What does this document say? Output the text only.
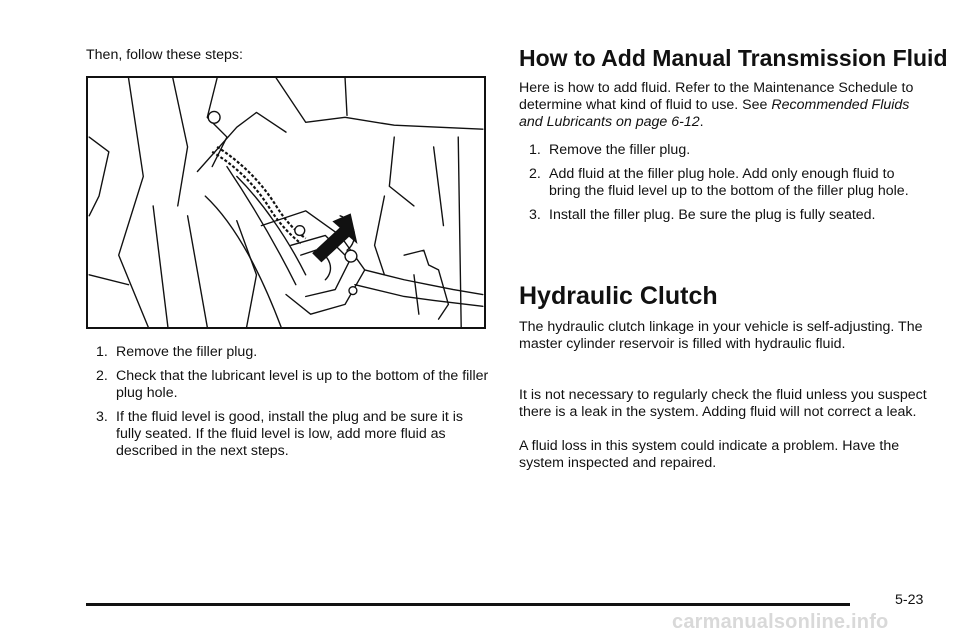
Then, follow these steps:

1. Remove the filler plug.
2. Check that the lubricant level is up to the bottom of the filler plug hole.
3. If the fluid level is good, install the plug and be sure it is fully seated. If the fluid level is low, add more fluid as described in the next steps.
How to Add Manual Transmission Fluid

Here is how to add fluid. Refer to the Maintenance Schedule to determine what kind of fluid to use. See Recommended Fluids and Lubricants on page 6-12.

1. Remove the filler plug.
2. Add fluid at the filler plug hole. Add only enough fluid to bring the fluid level up to the bottom of the filler plug hole.
3. Install the filler plug. Be sure the plug is fully seated.
Hydraulic Clutch

The hydraulic clutch linkage in your vehicle is self-adjusting. The master cylinder reservoir is filled with hydraulic fluid.

It is not necessary to regularly check the fluid unless you suspect there is a leak in the system. Adding fluid will not correct a leak.

A fluid loss in this system could indicate a problem. Have the system inspected and repaired.

5-23
carmanualsonline.info
